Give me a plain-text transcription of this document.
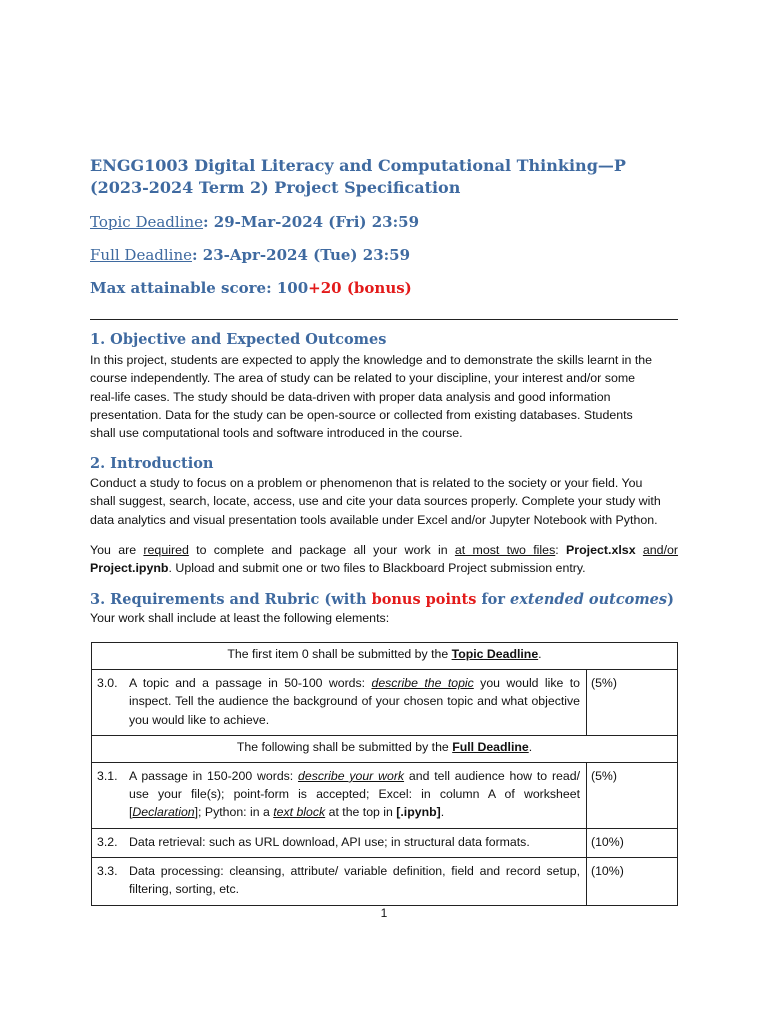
ENGG1003 Digital Literacy and Computational Thinking—P
(2023-2024 Term 2) Project Specification
Topic Deadline: 29-Mar-2024 (Fri) 23:59
Full Deadline: 23-Apr-2024 (Tue) 23:59
Max attainable score: 100+20 (bonus)
1. Objective and Expected Outcomes
In this project, students are expected to apply the knowledge and to demonstrate the skills learnt in the
course independently. The area of study can be related to your discipline, your interest and/or some
real-life cases. The study should be data-driven with proper data analysis and good information
presentation. Data for the study can be open-source or collected from existing databases. Students
shall use computational tools and software introduced in the course.
2. Introduction
Conduct a study to focus on a problem or phenomenon that is related to the society or your field. You
shall suggest, search, locate, access, use and cite your data sources properly. Complete your study with
data analytics and visual presentation tools available under Excel and/or Jupyter Notebook with Python.
You are required to complete and package all your work in at most two files: Project.xlsx and/or Project.ipynb. Upload and submit one or two files to Blackboard Project submission entry.
3. Requirements and Rubric (with bonus points for extended outcomes)
Your work shall include at least the following elements:
The first item 0 shall be submitted by the Topic Deadline.		
3.0.	A topic and a passage in 50-100 words: describe the topic you would like to inspect. Tell the audience the background of your chosen topic and what objective you would like to achieve.	(5%)
The following shall be submitted by the Full Deadline.		
3.1.	A passage in 150-200 words: describe your work and tell audience how to read/ use your file(s); point-form is accepted; Excel: in column A of worksheet [Declaration]; Python: in a text block at the top in [.ipynb].	(5%)
3.2.	Data retrieval: such as URL download, API use; in structural data formats.	(10%)
3.3.	Data processing: cleansing, attribute/ variable definition, field and record setup, filtering, sorting, etc.	(10%)
1
